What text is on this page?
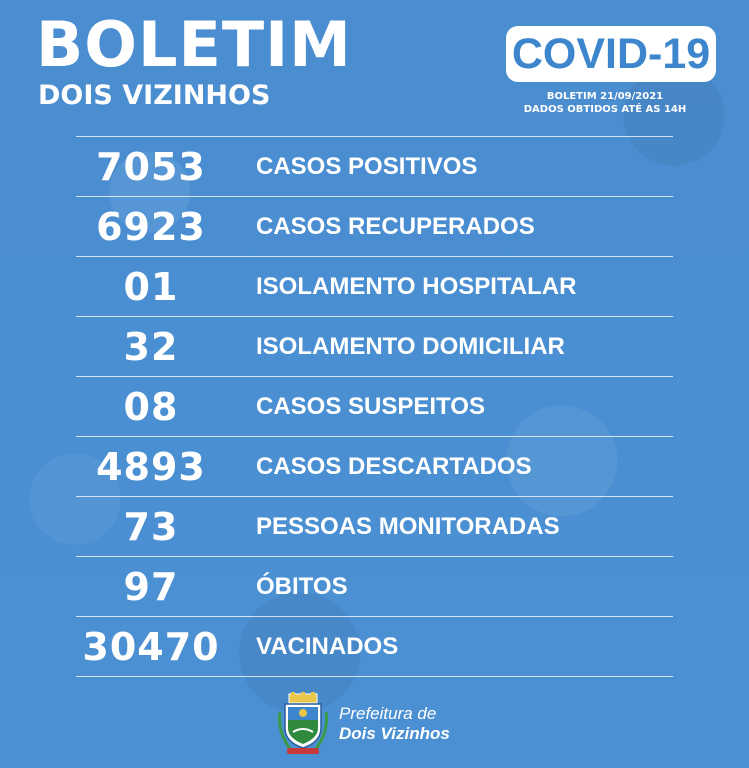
BOLETIM
DOIS VIZINHOS
COVID-19
BOLETIM 21/09/2021
DADOS OBTIDOS ATÉ AS 14H
7053	CASOS POSITIVOS
6923	CASOS RECUPERADOS
01	ISOLAMENTO HOSPITALAR
32	ISOLAMENTO DOMICILIAR
08	CASOS SUSPEITOS
4893	CASOS DESCARTADOS
73	PESSOAS MONITORADAS
97	ÓBITOS
30470 VACINADOS
Prefeitura de
Dois Vizinhos
